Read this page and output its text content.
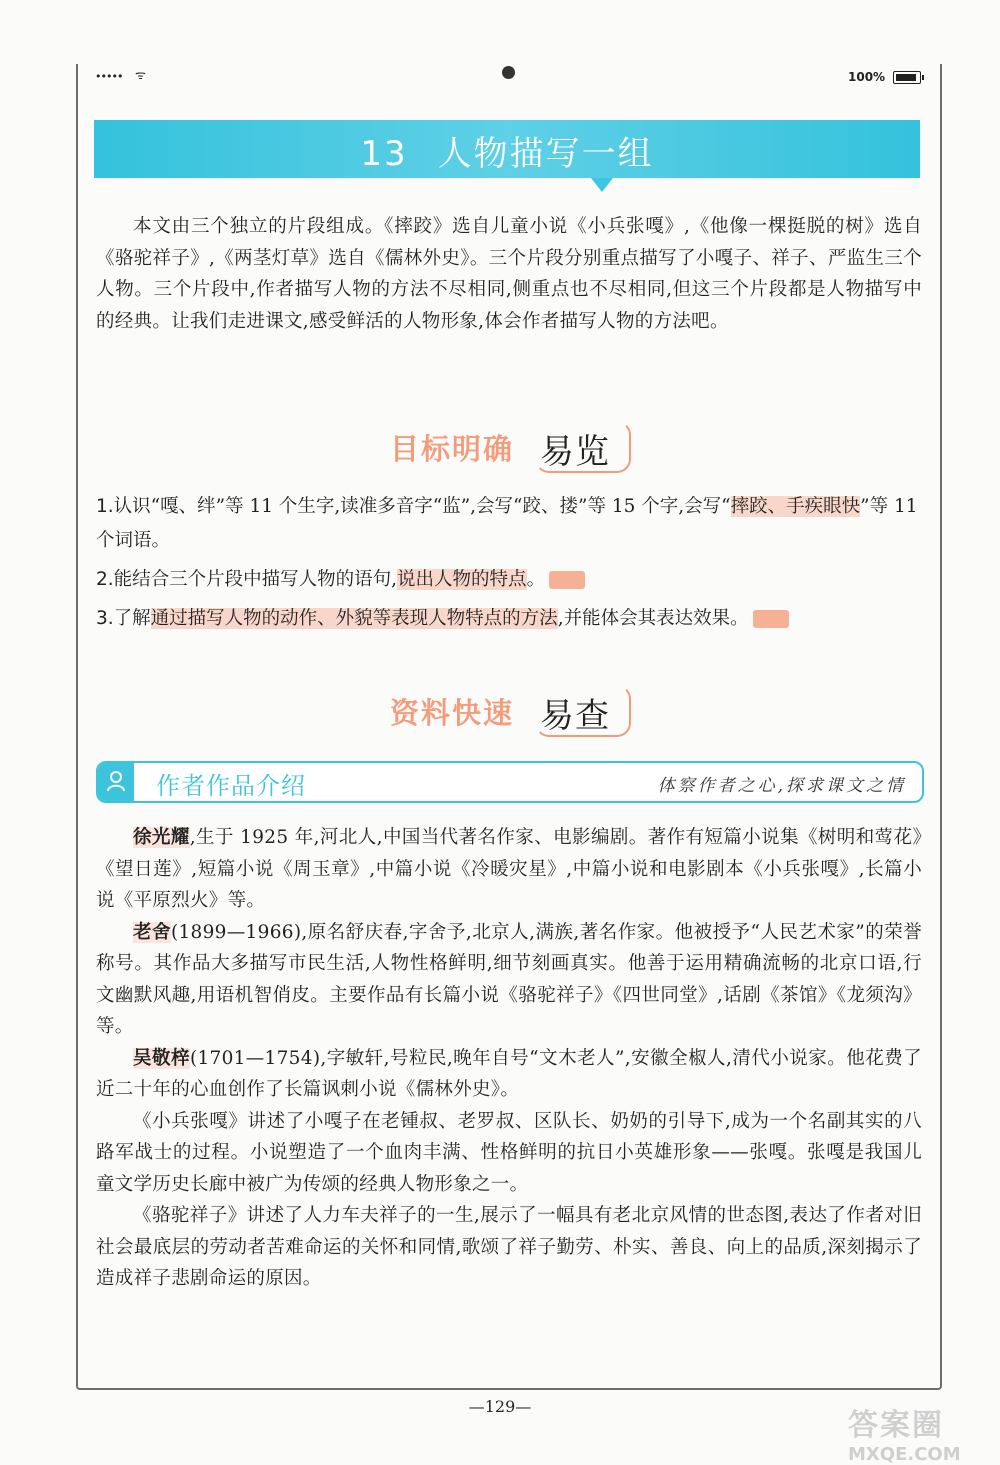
••••• ᯤ	100%
13 人物描写一组
本文由三个独立的片段组成。《摔跤》选自儿童小说《小兵张嘎》,《他像一棵挺脱的树》选自《骆驼祥子》,《两茎灯草》选自《儒林外史》。三个片段分别重点描写了小嘎子、祥子、严监生三个人物。三个片段中,作者描写人物的方法不尽相同,侧重点也不尽相同,但这三个片段都是人物描写中的经典。让我们走进课文,感受鲜活的人物形象,体会作者描写人物的方法吧。
目标明确 易览
1.认识“嘎、绊”等 11 个生字,读准多音字“监”,会写“跤、搂”等 15 个字,会写“摔跤、手疾眼快”等 11 个词语。
2.能结合三个片段中描写人物的语句,说出人物的特点。
3.了解通过描写人物的动作、外貌等表现人物特点的方法,并能体会其表达效果。
资料快速 易查
作者作品介绍	体察作者之心,探求课文之情

徐光耀,生于 1925 年,河北人,中国当代著名作家、电影编剧。著作有短篇小说集《树明和莺花》《望日莲》,短篇小说《周玉章》,中篇小说《冷暖灾星》,中篇小说和电影剧本《小兵张嘎》,长篇小说《平原烈火》等。

老舍(1899—1966),原名舒庆春,字舍予,北京人,满族,著名作家。他被授予“人民艺术家”的荣誉称号。其作品大多描写市民生活,人物性格鲜明,细节刻画真实。他善于运用精确流畅的北京口语,行文幽默风趣,用语机智俏皮。主要作品有长篇小说《骆驼祥子》《四世同堂》,话剧《茶馆》《龙须沟》等。

吴敬梓(1701—1754),字敏轩,号粒民,晚年自号“文木老人”,安徽全椒人,清代小说家。他花费了近二十年的心血创作了长篇讽刺小说《儒林外史》。

《小兵张嘎》讲述了小嘎子在老锺叔、老罗叔、区队长、奶奶的引导下,成为一个名副其实的八路军战士的过程。小说塑造了一个血肉丰满、性格鲜明的抗日小英雄形象——张嘎。张嘎是我国儿童文学历史长廊中被广为传颂的经典人物形象之一。

《骆驼祥子》讲述了人力车夫祥子的一生,展示了一幅具有老北京风情的世态图,表达了作者对旧社会最底层的劳动者苦难命运的关怀和同情,歌颂了祥子勤劳、朴实、善良、向上的品质,深刻揭示了造成祥子悲剧命运的原因。

—129—
答案圈
MXQE.COM
